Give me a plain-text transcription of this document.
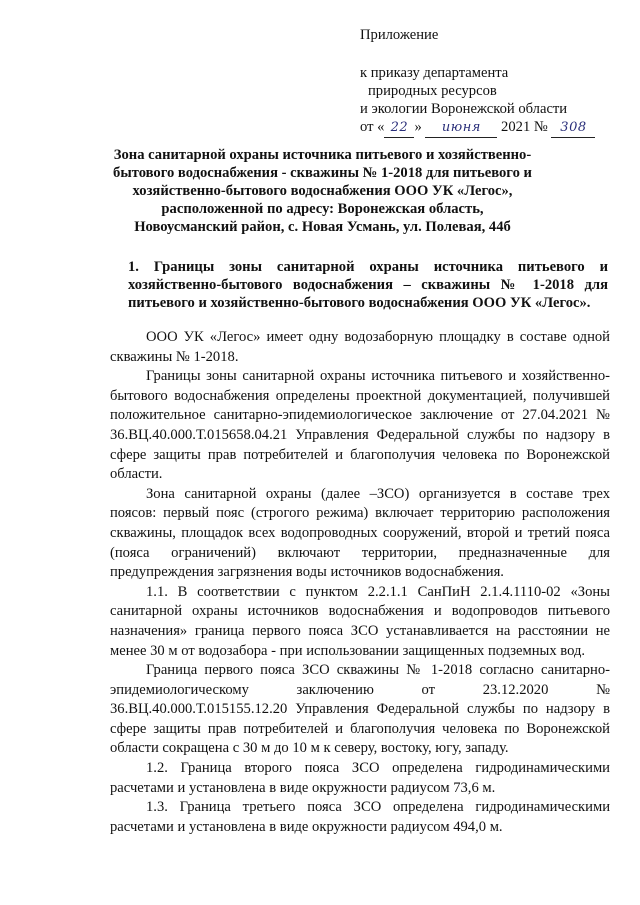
Приложение
к приказу департамента
природных ресурсов
и экологии Воронежской области
от « 22 » июня 2021 № 308
Зона санитарной охраны источника питьевого и хозяйственно-бытового водоснабжения - скважины № 1-2018 для питьевого и хозяйственно-бытового водоснабжения ООО УК «Легос», расположенной по адресу: Воронежская область, Новоусманский район, с. Новая Усмань, ул. Полевая, 44б
1. Границы зоны санитарной охраны источника питьевого и хозяйственно-бытового водоснабжения – скважины № 1-2018 для питьевого и хозяйственно-бытового водоснабжения ООО УК «Легос».

ООО УК «Легос» имеет одну водозаборную площадку в составе одной скважины № 1-2018.

Границы зоны санитарной охраны источника питьевого и хозяйственно-бытового водоснабжения определены проектной документацией, получившей положительное санитарно-эпидемиологическое заключение от 27.04.2021 № 36.ВЦ.40.000.Т.015658.04.21 Управления Федеральной службы по надзору в сфере защиты прав потребителей и благополучия человека по Воронежской области.

Зона санитарной охраны (далее –ЗСО) организуется в составе трех поясов: первый пояс (строгого режима) включает территорию расположения скважины, площадок всех водопроводных сооружений, второй и третий пояса (пояса ограничений) включают территории, предназначенные для предупреждения загрязнения воды источников водоснабжения.

1.1. В соответствии с пунктом 2.2.1.1 СанПиН 2.1.4.1110-02 «Зоны санитарной охраны источников водоснабжения и водопроводов питьевого назначения» граница первого пояса ЗСО устанавливается на расстоянии не менее 30 м от водозабора - при использовании защищенных подземных вод.

Граница первого пояса ЗСО скважины № 1-2018 согласно санитарно-эпидемиологическому заключению от 23.12.2020 № 36.ВЦ.40.000.Т.015155.12.20 Управления Федеральной службы по надзору в сфере защиты прав потребителей и благополучия человека по Воронежской области сокращена с 30 м до 10 м к северу, востоку, югу, западу.

1.2. Граница второго пояса ЗСО определена гидродинамическими расчетами и установлена в виде окружности радиусом 73,6 м.

1.3. Граница третьего пояса ЗСО определена гидродинамическими расчетами и установлена в виде окружности радиусом 494,0 м.
